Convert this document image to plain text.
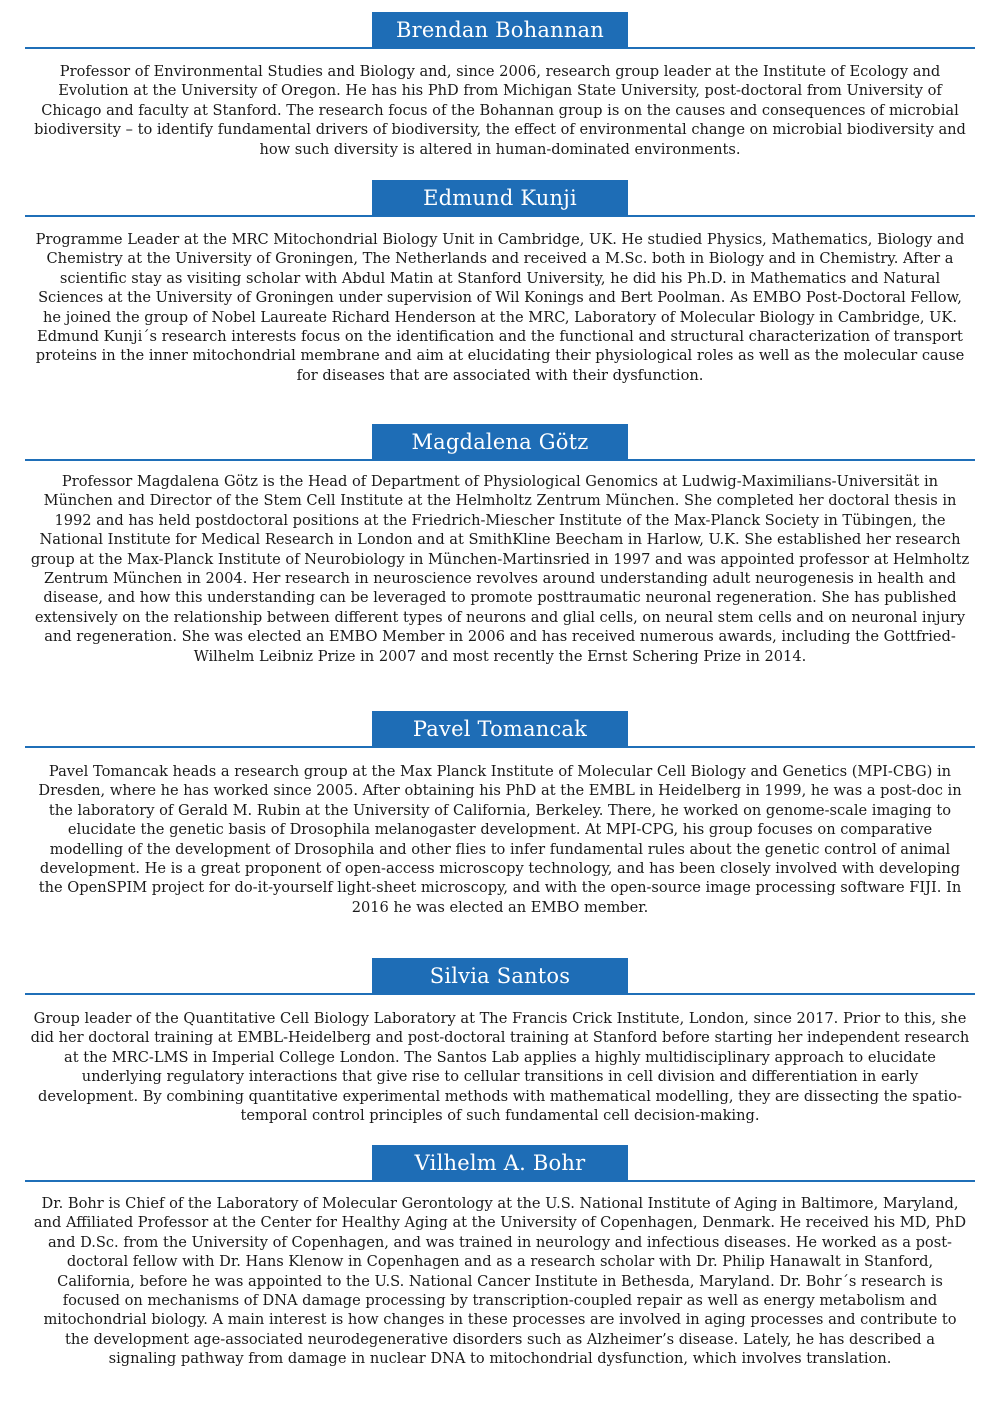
Brendan Bohannan

Professor of Environmental Studies and Biology and, since 2006, research group leader at the Institute of Ecology and Evolution at the University of Oregon. He has his PhD from Michigan State University, post-doctoral from University of Chicago and faculty at Stanford. The research focus of the Bohannan group is on the causes and consequences of microbial biodiversity – to identify fundamental drivers of biodiversity, the effect of environmental change on microbial biodiversity and how such diversity is altered in human-dominated environments.

Edmund Kunji

Programme Leader at the MRC Mitochondrial Biology Unit in Cambridge, UK. He studied Physics, Mathematics, Biology and Chemistry at the University of Groningen, The Netherlands and received a M.Sc. both in Biology and in Chemistry. After a scientific stay as visiting scholar with Abdul Matin at Stanford University, he did his Ph.D. in Mathematics and Natural Sciences at the University of Groningen under supervision of Wil Konings and Bert Poolman. As EMBO Post-Doctoral Fellow, he joined the group of Nobel Laureate Richard Henderson at the MRC, Laboratory of Molecular Biology in Cambridge, UK. Edmund Kunji´s research interests focus on the identification and the functional and structural characterization of transport proteins in the inner mitochondrial membrane and aim at elucidating their physiological roles as well as the molecular cause for diseases that are associated with their dysfunction.

Magdalena Götz

Professor Magdalena Götz is the Head of Department of Physiological Genomics at Ludwig-Maximilians-Universität in München and Director of the Stem Cell Institute at the Helmholtz Zentrum München. She completed her doctoral thesis in 1992 and has held postdoctoral positions at the Friedrich-Miescher Institute of the Max-Planck Society in Tübingen, the National Institute for Medical Research in London and at SmithKline Beecham in Harlow, U.K. She established her research group at the Max-Planck Institute of Neurobiology in München-Martinsried in 1997 and was appointed professor at Helmholtz Zentrum München in 2004. Her research in neuroscience revolves around understanding adult neurogenesis in health and disease, and how this understanding can be leveraged to promote posttraumatic neuronal regeneration. She has published extensively on the relationship between different types of neurons and glial cells, on neural stem cells and on neuronal injury and regeneration. She was elected an EMBO Member in 2006 and has received numerous awards, including the Gottfried-Wilhelm Leibniz Prize in 2007 and most recently the Ernst Schering Prize in 2014.

Pavel Tomancak

Pavel Tomancak heads a research group at the Max Planck Institute of Molecular Cell Biology and Genetics (MPI-CBG) in Dresden, where he has worked since 2005. After obtaining his PhD at the EMBL in Heidelberg in 1999, he was a post-doc in the laboratory of Gerald M. Rubin at the University of California, Berkeley. There, he worked on genome-scale imaging to elucidate the genetic basis of Drosophila melanogaster development. At MPI-CPG, his group focuses on comparative modelling of the development of Drosophila and other flies to infer fundamental rules about the genetic control of animal development. He is a great proponent of open-access microscopy technology, and has been closely involved with developing the OpenSPIM project for do-it-yourself light-sheet microscopy, and with the open-source image processing software FIJI. In 2016 he was elected an EMBO member.

Silvia Santos

Group leader of the Quantitative Cell Biology Laboratory at The Francis Crick Institute, London, since 2017. Prior to this, she did her doctoral training at EMBL-Heidelberg and post-doctoral training at Stanford before starting her independent research at the MRC-LMS in Imperial College London. The Santos Lab applies a highly multidisciplinary approach to elucidate underlying regulatory interactions that give rise to cellular transitions in cell division and differentiation in early development. By combining quantitative experimental methods with mathematical modelling, they are dissecting the spatio-temporal control principles of such fundamental cell decision-making.

Vilhelm A. Bohr

Dr. Bohr is Chief of the Laboratory of Molecular Gerontology at the U.S. National Institute of Aging in Baltimore, Maryland, and Affiliated Professor at the Center for Healthy Aging at the University of Copenhagen, Denmark. He received his MD, PhD and D.Sc. from the University of Copenhagen, and was trained in neurology and infectious diseases. He worked as a post-doctoral fellow with Dr. Hans Klenow in Copenhagen and as a research scholar with Dr. Philip Hanawalt in Stanford, California, before he was appointed to the U.S. National Cancer Institute in Bethesda, Maryland. Dr. Bohr´s research is focused on mechanisms of DNA damage processing by transcription-coupled repair as well as energy metabolism and mitochondrial biology. A main interest is how changes in these processes are involved in aging processes and contribute to the development age-associated neurodegenerative disorders such as Alzheimer’s disease. Lately, he has described a signaling pathway from damage in nuclear DNA to mitochondrial dysfunction, which involves translation.
